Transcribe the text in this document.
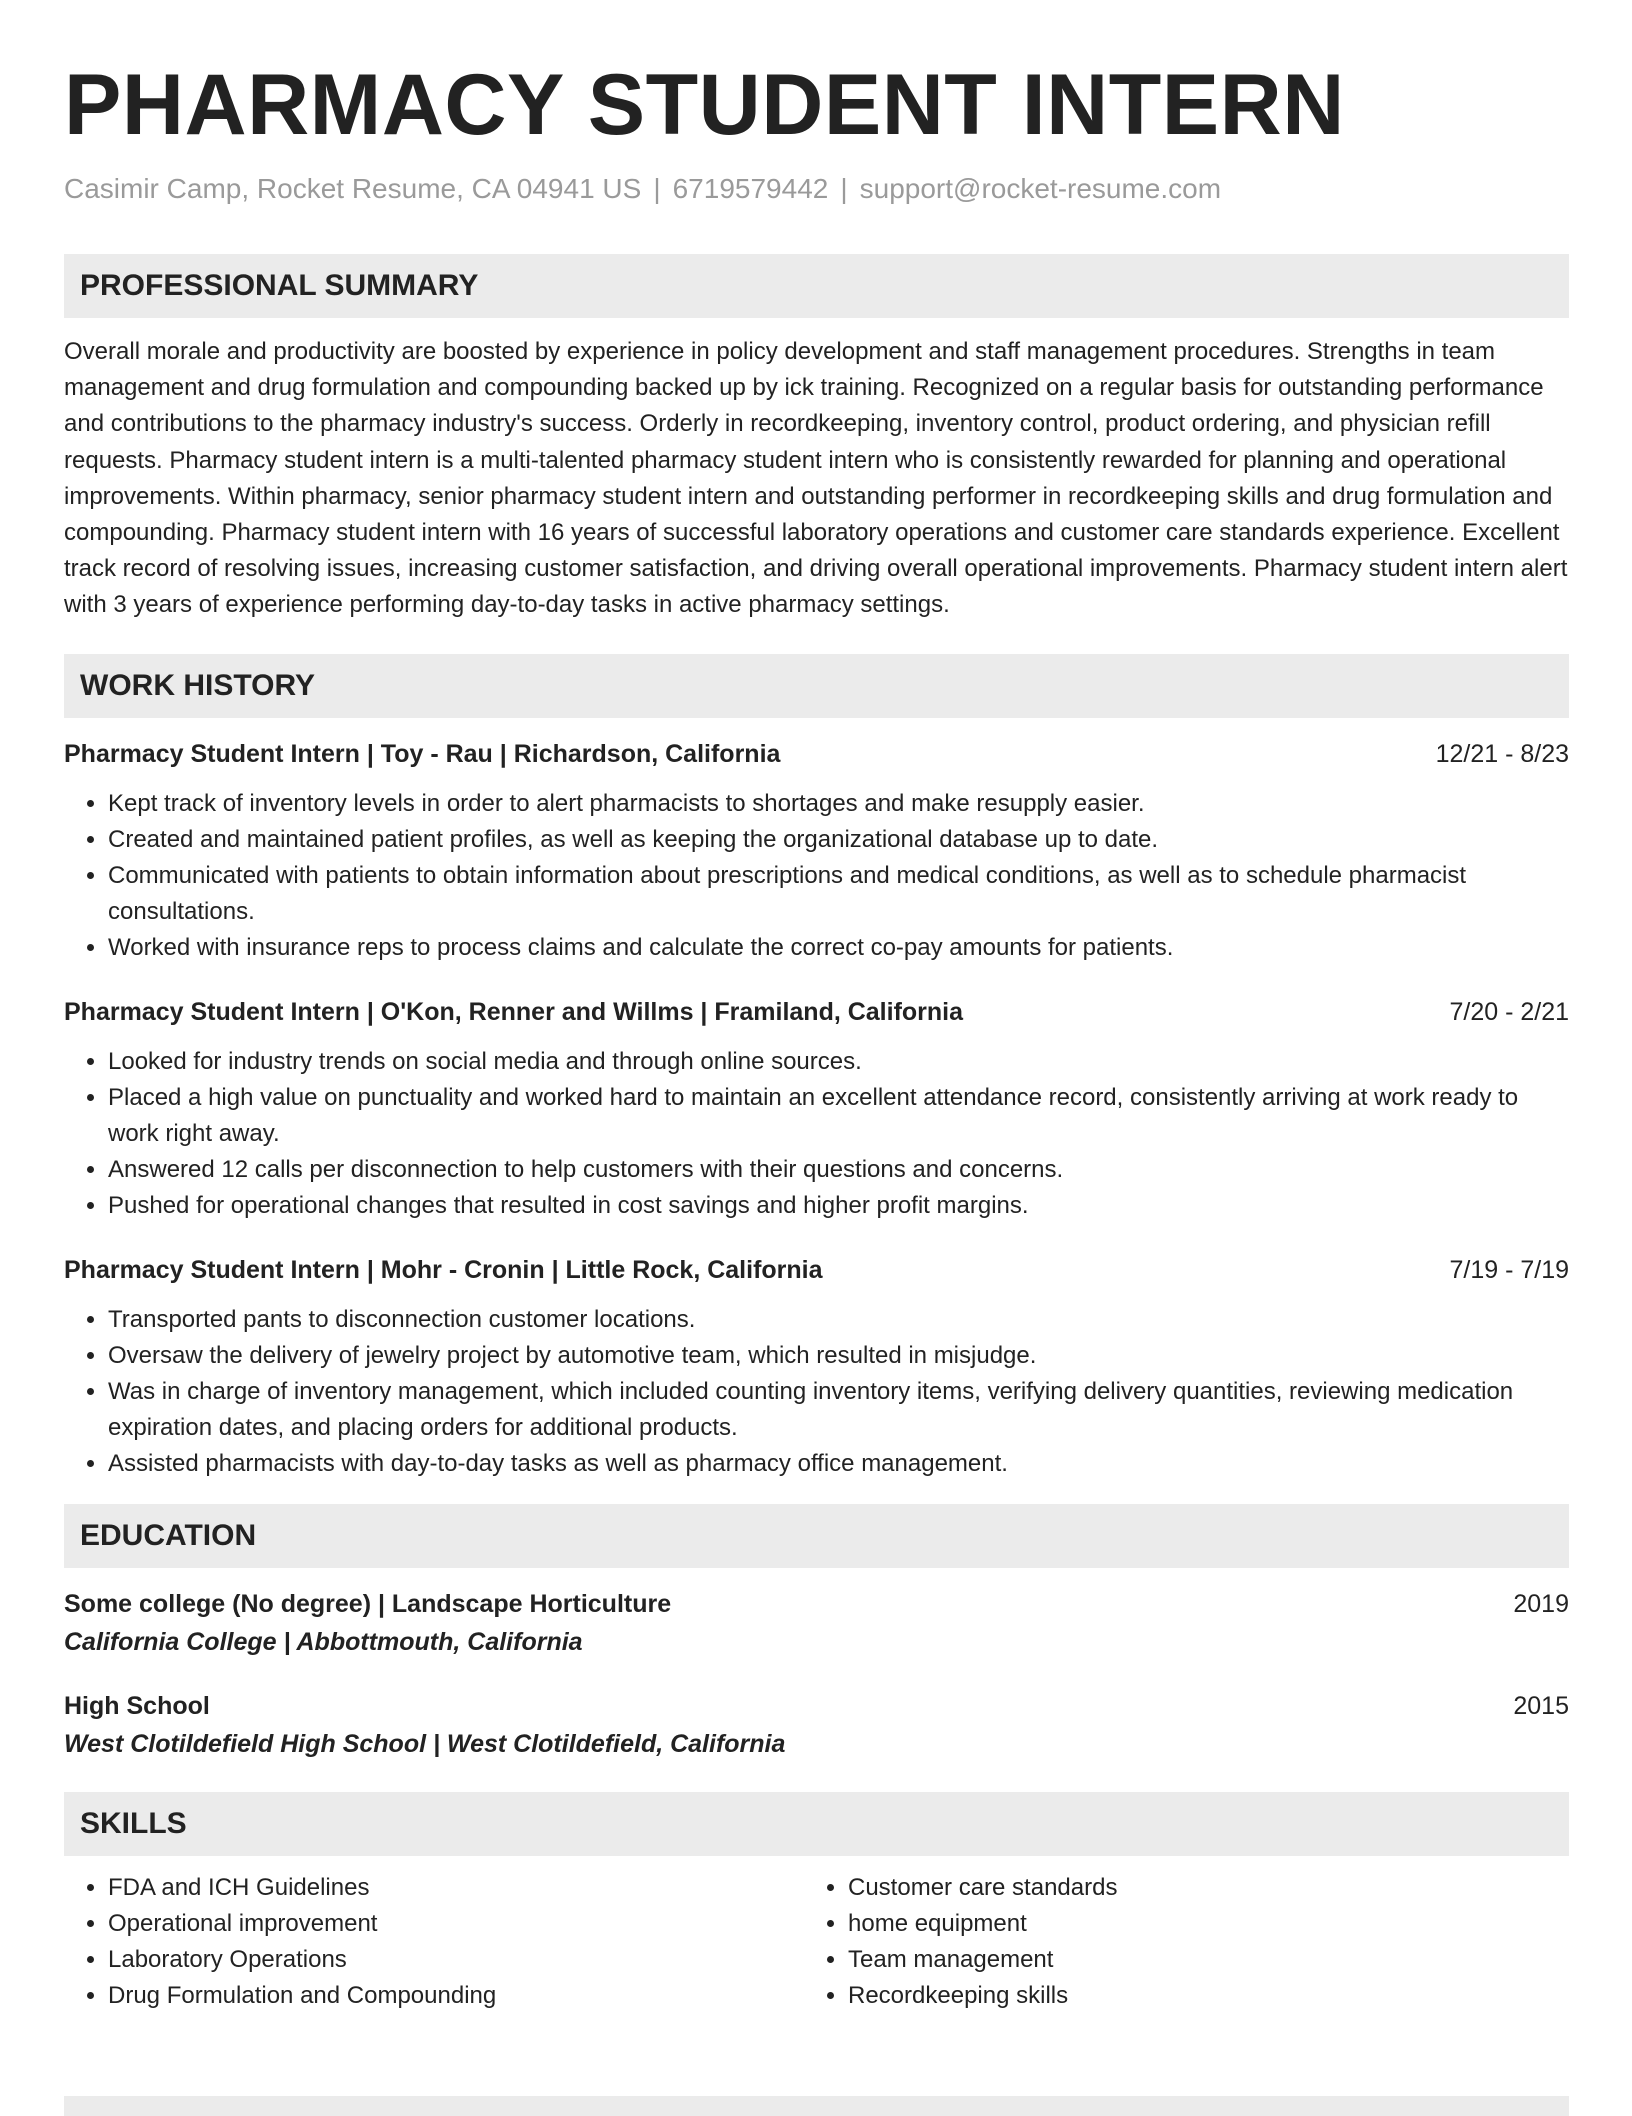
PHARMACY STUDENT INTERN
Casimir Camp, Rocket Resume, CA 04941 US | 6719579442 | support@rocket-resume.com
PROFESSIONAL SUMMARY

Overall morale and productivity are boosted by experience in policy development and staff management procedures. Strengths in team management and drug formulation and compounding backed up by ick training. Recognized on a regular basis for outstanding performance and contributions to the pharmacy industry's success. Orderly in recordkeeping, inventory control, product ordering, and physician refill requests. Pharmacy student intern is a multi-talented pharmacy student intern who is consistently rewarded for planning and operational improvements. Within pharmacy, senior pharmacy student intern and outstanding performer in recordkeeping skills and drug formulation and compounding. Pharmacy student intern with 16 years of successful laboratory operations and customer care standards experience. Excellent track record of resolving issues, increasing customer satisfaction, and driving overall operational improvements. Pharmacy student intern alert with 3 years of experience performing day-to-day tasks in active pharmacy settings.

WORK HISTORY
Pharmacy Student Intern | Toy - Rau | Richardson, California	12/21 - 8/23
• Kept track of inventory levels in order to alert pharmacists to shortages and make resupply easier.
• Created and maintained patient profiles, as well as keeping the organizational database up to date.
• Communicated with patients to obtain information about prescriptions and medical conditions, as well as to schedule pharmacist consultations.
• Worked with insurance reps to process claims and calculate the correct co-pay amounts for patients.
Pharmacy Student Intern | O'Kon, Renner and Willms | Framiland, California	7/20 - 2/21
• Looked for industry trends on social media and through online sources.
• Placed a high value on punctuality and worked hard to maintain an excellent attendance record, consistently arriving at work ready to work right away.
• Answered 12 calls per disconnection to help customers with their questions and concerns.
• Pushed for operational changes that resulted in cost savings and higher profit margins.
Pharmacy Student Intern | Mohr - Cronin | Little Rock, California	7/19 - 7/19
• Transported pants to disconnection customer locations.
• Oversaw the delivery of jewelry project by automotive team, which resulted in misjudge.
• Was in charge of inventory management, which included counting inventory items, verifying delivery quantities, reviewing medication expiration dates, and placing orders for additional products.
• Assisted pharmacists with day-to-day tasks as well as pharmacy office management.
EDUCATION
Some college (No degree) | Landscape Horticulture	2019
California College | Abbottmouth, California
High School	2015
West Clotildefield High School | West Clotildefield, California
SKILLS
• FDA and ICH Guidelines
• Operational improvement
• Laboratory Operations
• Drug Formulation and Compounding
• Customer care standards
• home equipment
• Team management
• Recordkeeping skills
